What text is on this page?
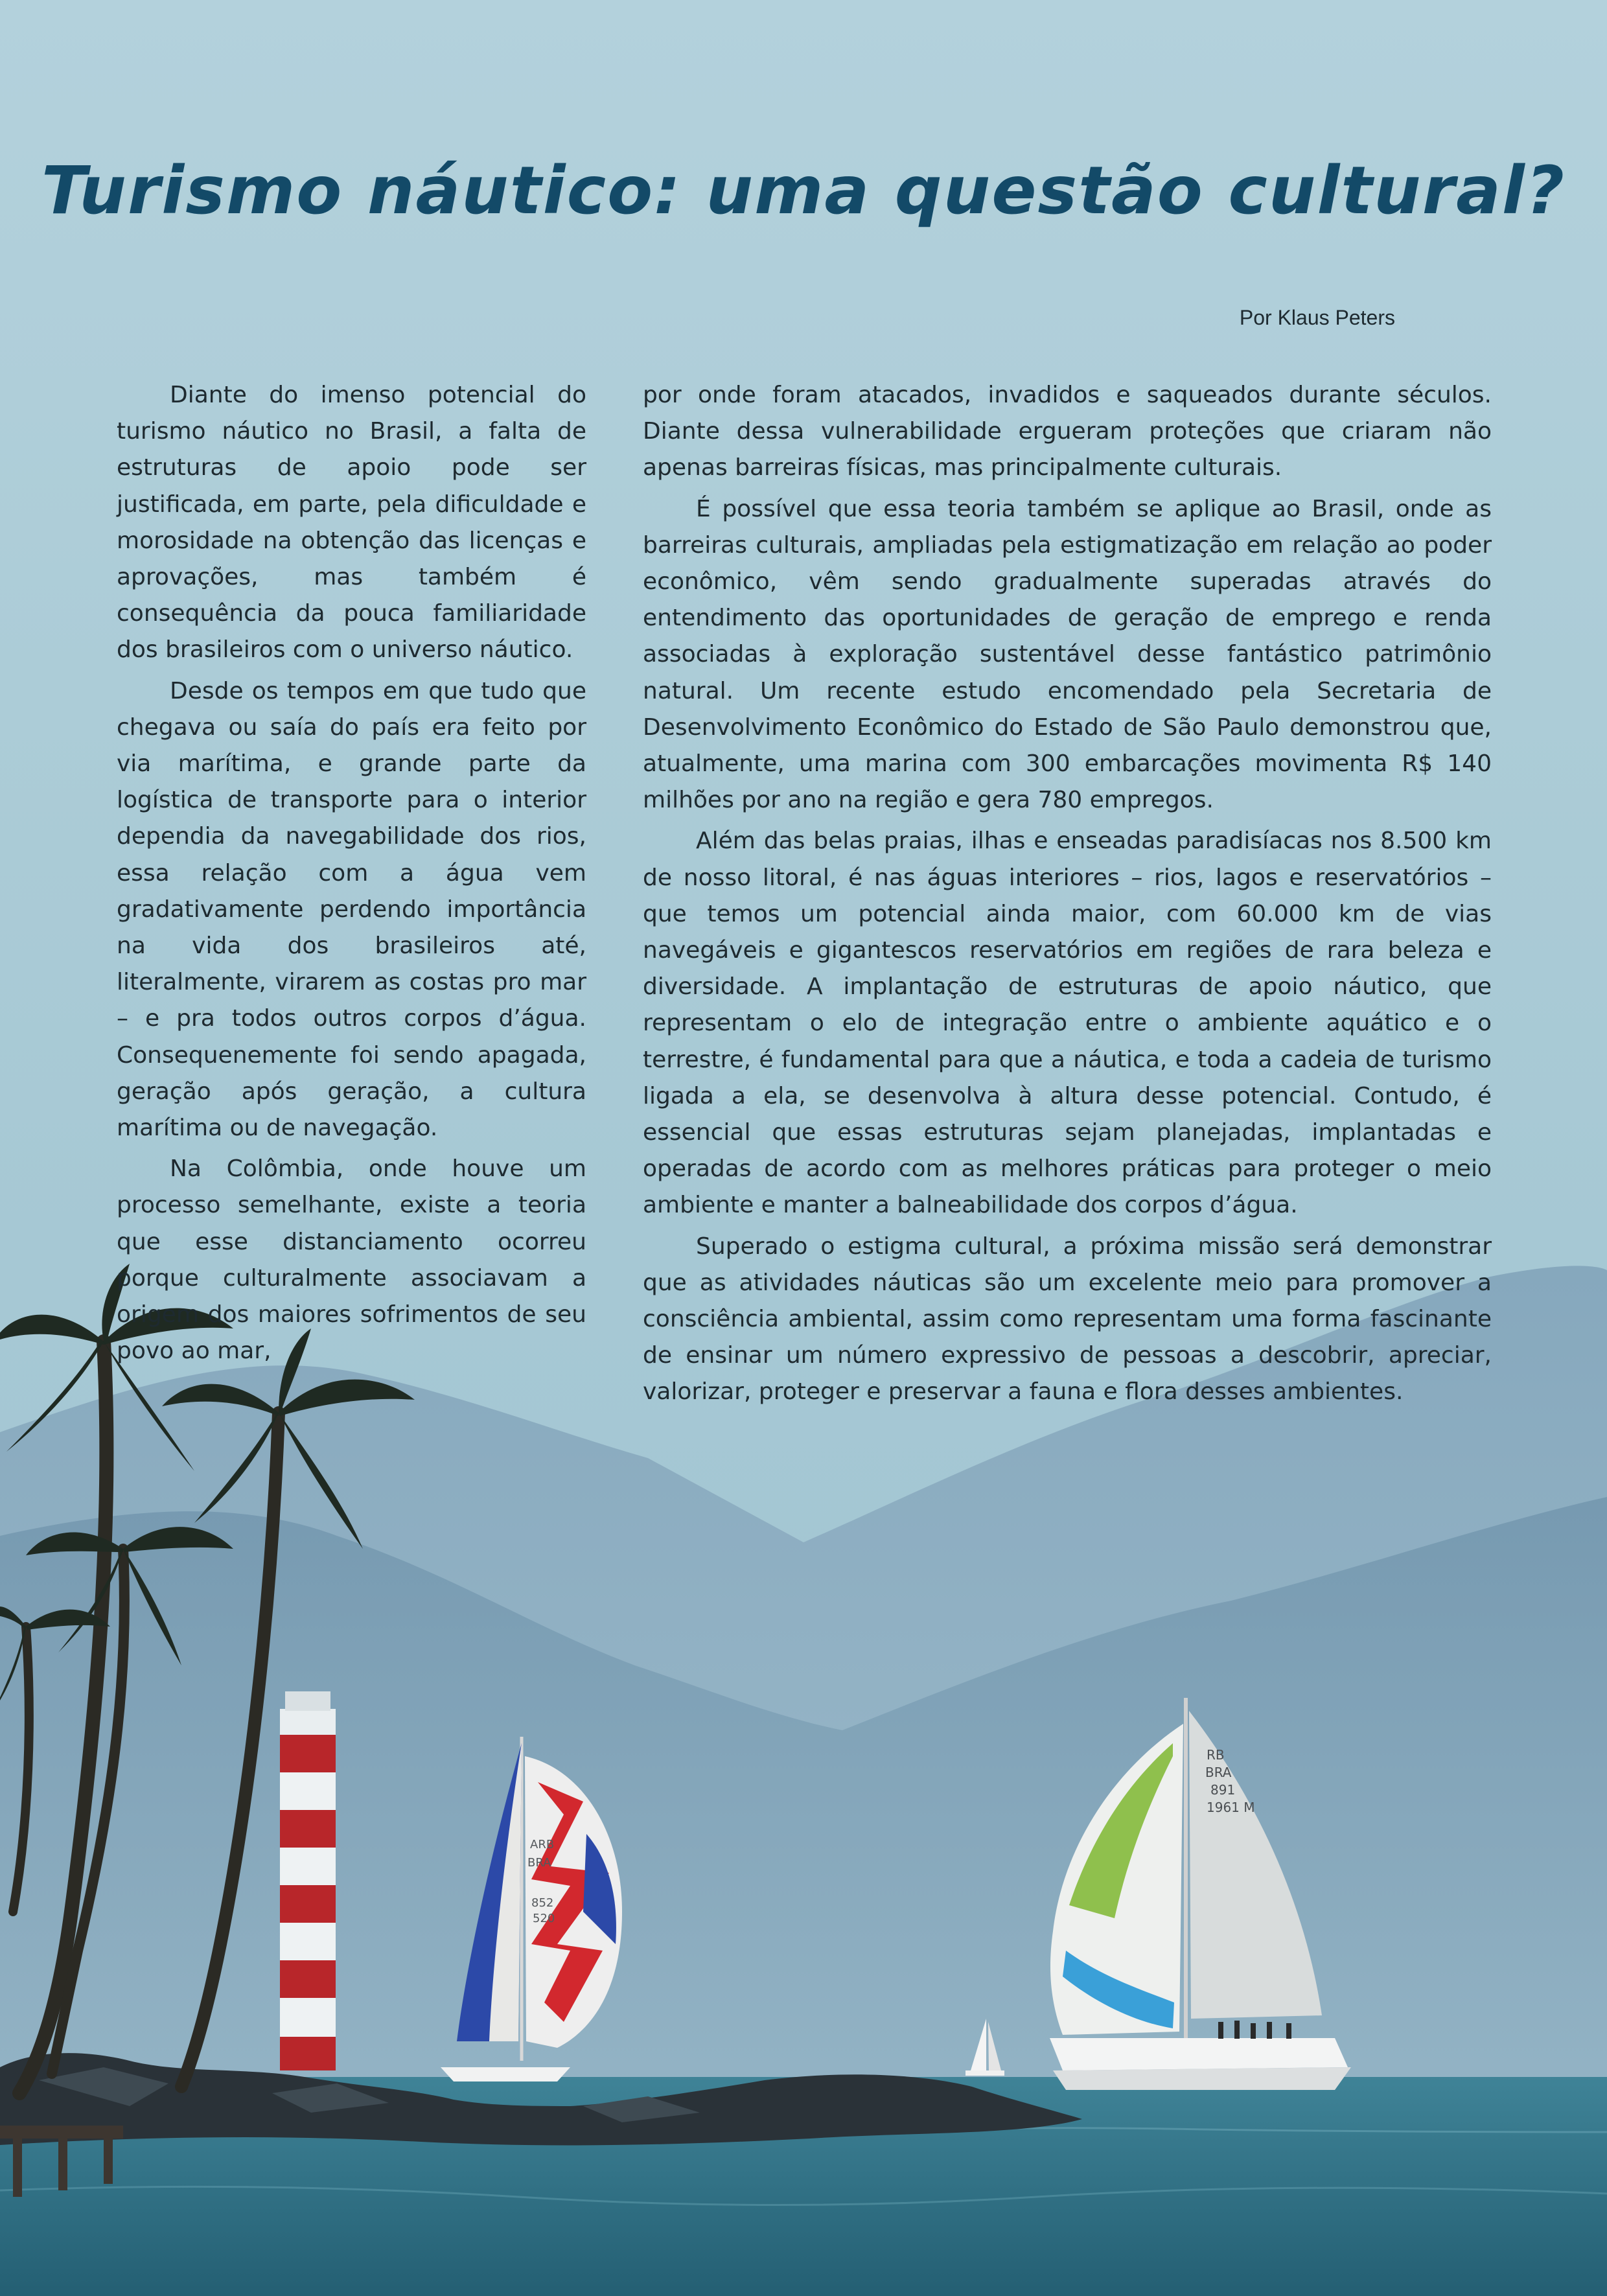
Turismo náutico: uma questão cultural?
Por Klaus Peters
ARB
BRA
852
520
RB
BRA
891
1961 M

Diante do imenso potencial do turismo náutico no Brasil, a falta de estruturas de apoio pode ser justificada, em parte, pela dificuldade e morosidade na obtenção das licenças e aprovações, mas também é consequência da pouca familiaridade dos brasileiros com o universo náutico.

Desde os tempos em que tudo que chegava ou saía do país era feito por via marítima, e grande parte da logística de transporte para o interior dependia da navegabilidade dos rios, essa relação com a água vem gradativamente perdendo importância na vida dos brasileiros até, literalmente, virarem as costas pro mar – e pra todos outros corpos d’água. Consequenemente foi sendo apagada, geração após geração, a cultura marítima ou de navegação.

Na Colômbia, onde houve um processo semelhante, existe a teoria que esse distanciamento ocorreu porque culturalmente associavam a origem dos maiores sofrimentos de seu povo ao mar,

por onde foram atacados, invadidos e saqueados durante séculos. Diante dessa vulnerabilidade ergueram proteções que criaram não apenas barreiras físicas, mas principalmente culturais.

É possível que essa teoria também se aplique ao Brasil, onde as barreiras culturais, ampliadas pela estigmatização em relação ao poder econômico, vêm sendo gradualmente superadas através do entendimento das oportunidades de geração de emprego e renda associadas à exploração sustentável desse fantástico patrimônio natural. Um recente estudo encomendado pela Secretaria de Desenvolvimento Econômico do Estado de São Paulo demonstrou que, atualmente, uma marina com 300 embarcações movimenta R$ 140 milhões por ano na região e gera 780 empregos.

Além das belas praias, ilhas e enseadas paradisíacas nos 8.500 km de nosso litoral, é nas águas interiores – rios, lagos e reservatórios – que temos um potencial ainda maior, com 60.000 km de vias navegáveis e gigantescos reservatórios em regiões de rara beleza e diversidade. A implantação de estruturas de apoio náutico, que representam o elo de integração entre o ambiente aquático e o terrestre, é fundamental para que a náutica, e toda a cadeia de turismo ligada a ela, se desenvolva à altura desse potencial. Contudo, é essencial que essas estruturas sejam planejadas, implantadas e operadas de acordo com as melhores práticas para proteger o meio ambiente e manter a balneabilidade dos corpos d’água.

Superado o estigma cultural, a próxima missão será demonstrar que as atividades náuticas são um excelente meio para promover a consciência ambiental, assim como representam uma forma fascinante de ensinar um número expressivo de pessoas a descobrir, apreciar, valorizar, proteger e preservar a fauna e flora desses ambientes.
